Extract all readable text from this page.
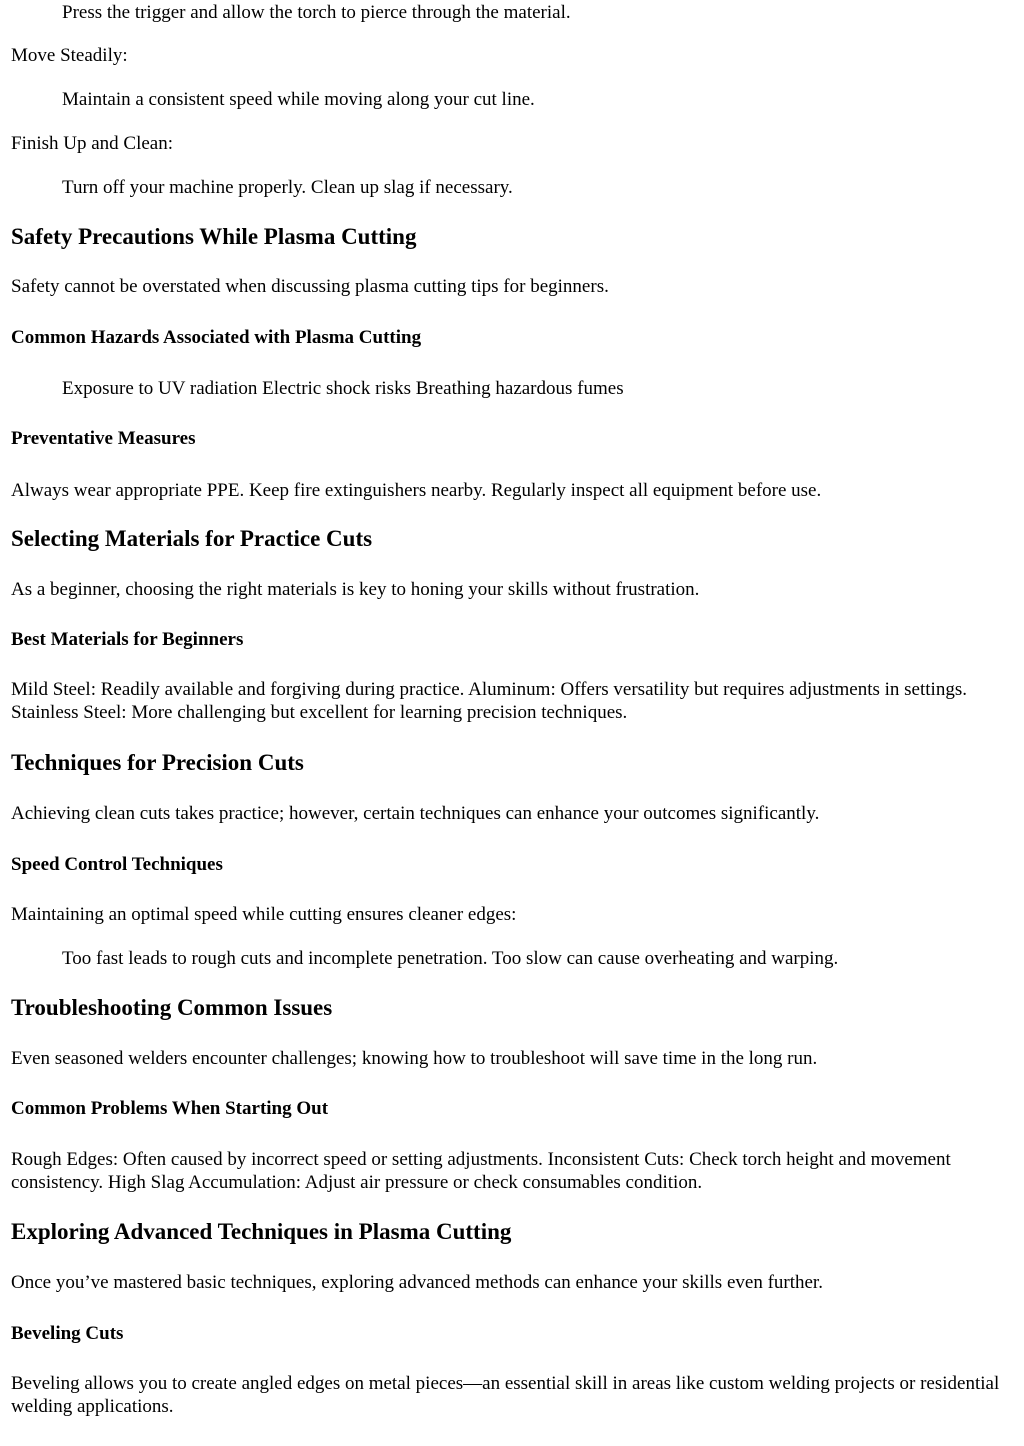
Press the trigger and allow the torch to pierce through the material.
Move Steadily:
Maintain a consistent speed while moving along your cut line.
Finish Up and Clean:
Turn off your machine properly. Clean up slag if necessary.
Safety Precautions While Plasma Cutting
Safety cannot be overstated when discussing plasma cutting tips for beginners.
Common Hazards Associated with Plasma Cutting
Exposure to UV radiation Electric shock risks Breathing hazardous fumes
Preventative Measures
Always wear appropriate PPE. Keep fire extinguishers nearby. Regularly inspect all equipment before use.
Selecting Materials for Practice Cuts
As a beginner, choosing the right materials is key to honing your skills without frustration.
Best Materials for Beginners
Mild Steel: Readily available and forgiving during practice. Aluminum: Offers versatility but requires adjustments in settings. Stainless Steel: More challenging but excellent for learning precision techniques.
Techniques for Precision Cuts
Achieving clean cuts takes practice; however, certain techniques can enhance your outcomes significantly.
Speed Control Techniques
Maintaining an optimal speed while cutting ensures cleaner edges:
Too fast leads to rough cuts and incomplete penetration. Too slow can cause overheating and warping.
Troubleshooting Common Issues
Even seasoned welders encounter challenges; knowing how to troubleshoot will save time in the long run.
Common Problems When Starting Out
Rough Edges: Often caused by incorrect speed or setting adjustments. Inconsistent Cuts: Check torch height and movement consistency. High Slag Accumulation: Adjust air pressure or check consumables condition.
Exploring Advanced Techniques in Plasma Cutting
Once you’ve mastered basic techniques, exploring advanced methods can enhance your skills even further.
Beveling Cuts
Beveling allows you to create angled edges on metal pieces—an essential skill in areas like custom welding projects or residential welding applications.
